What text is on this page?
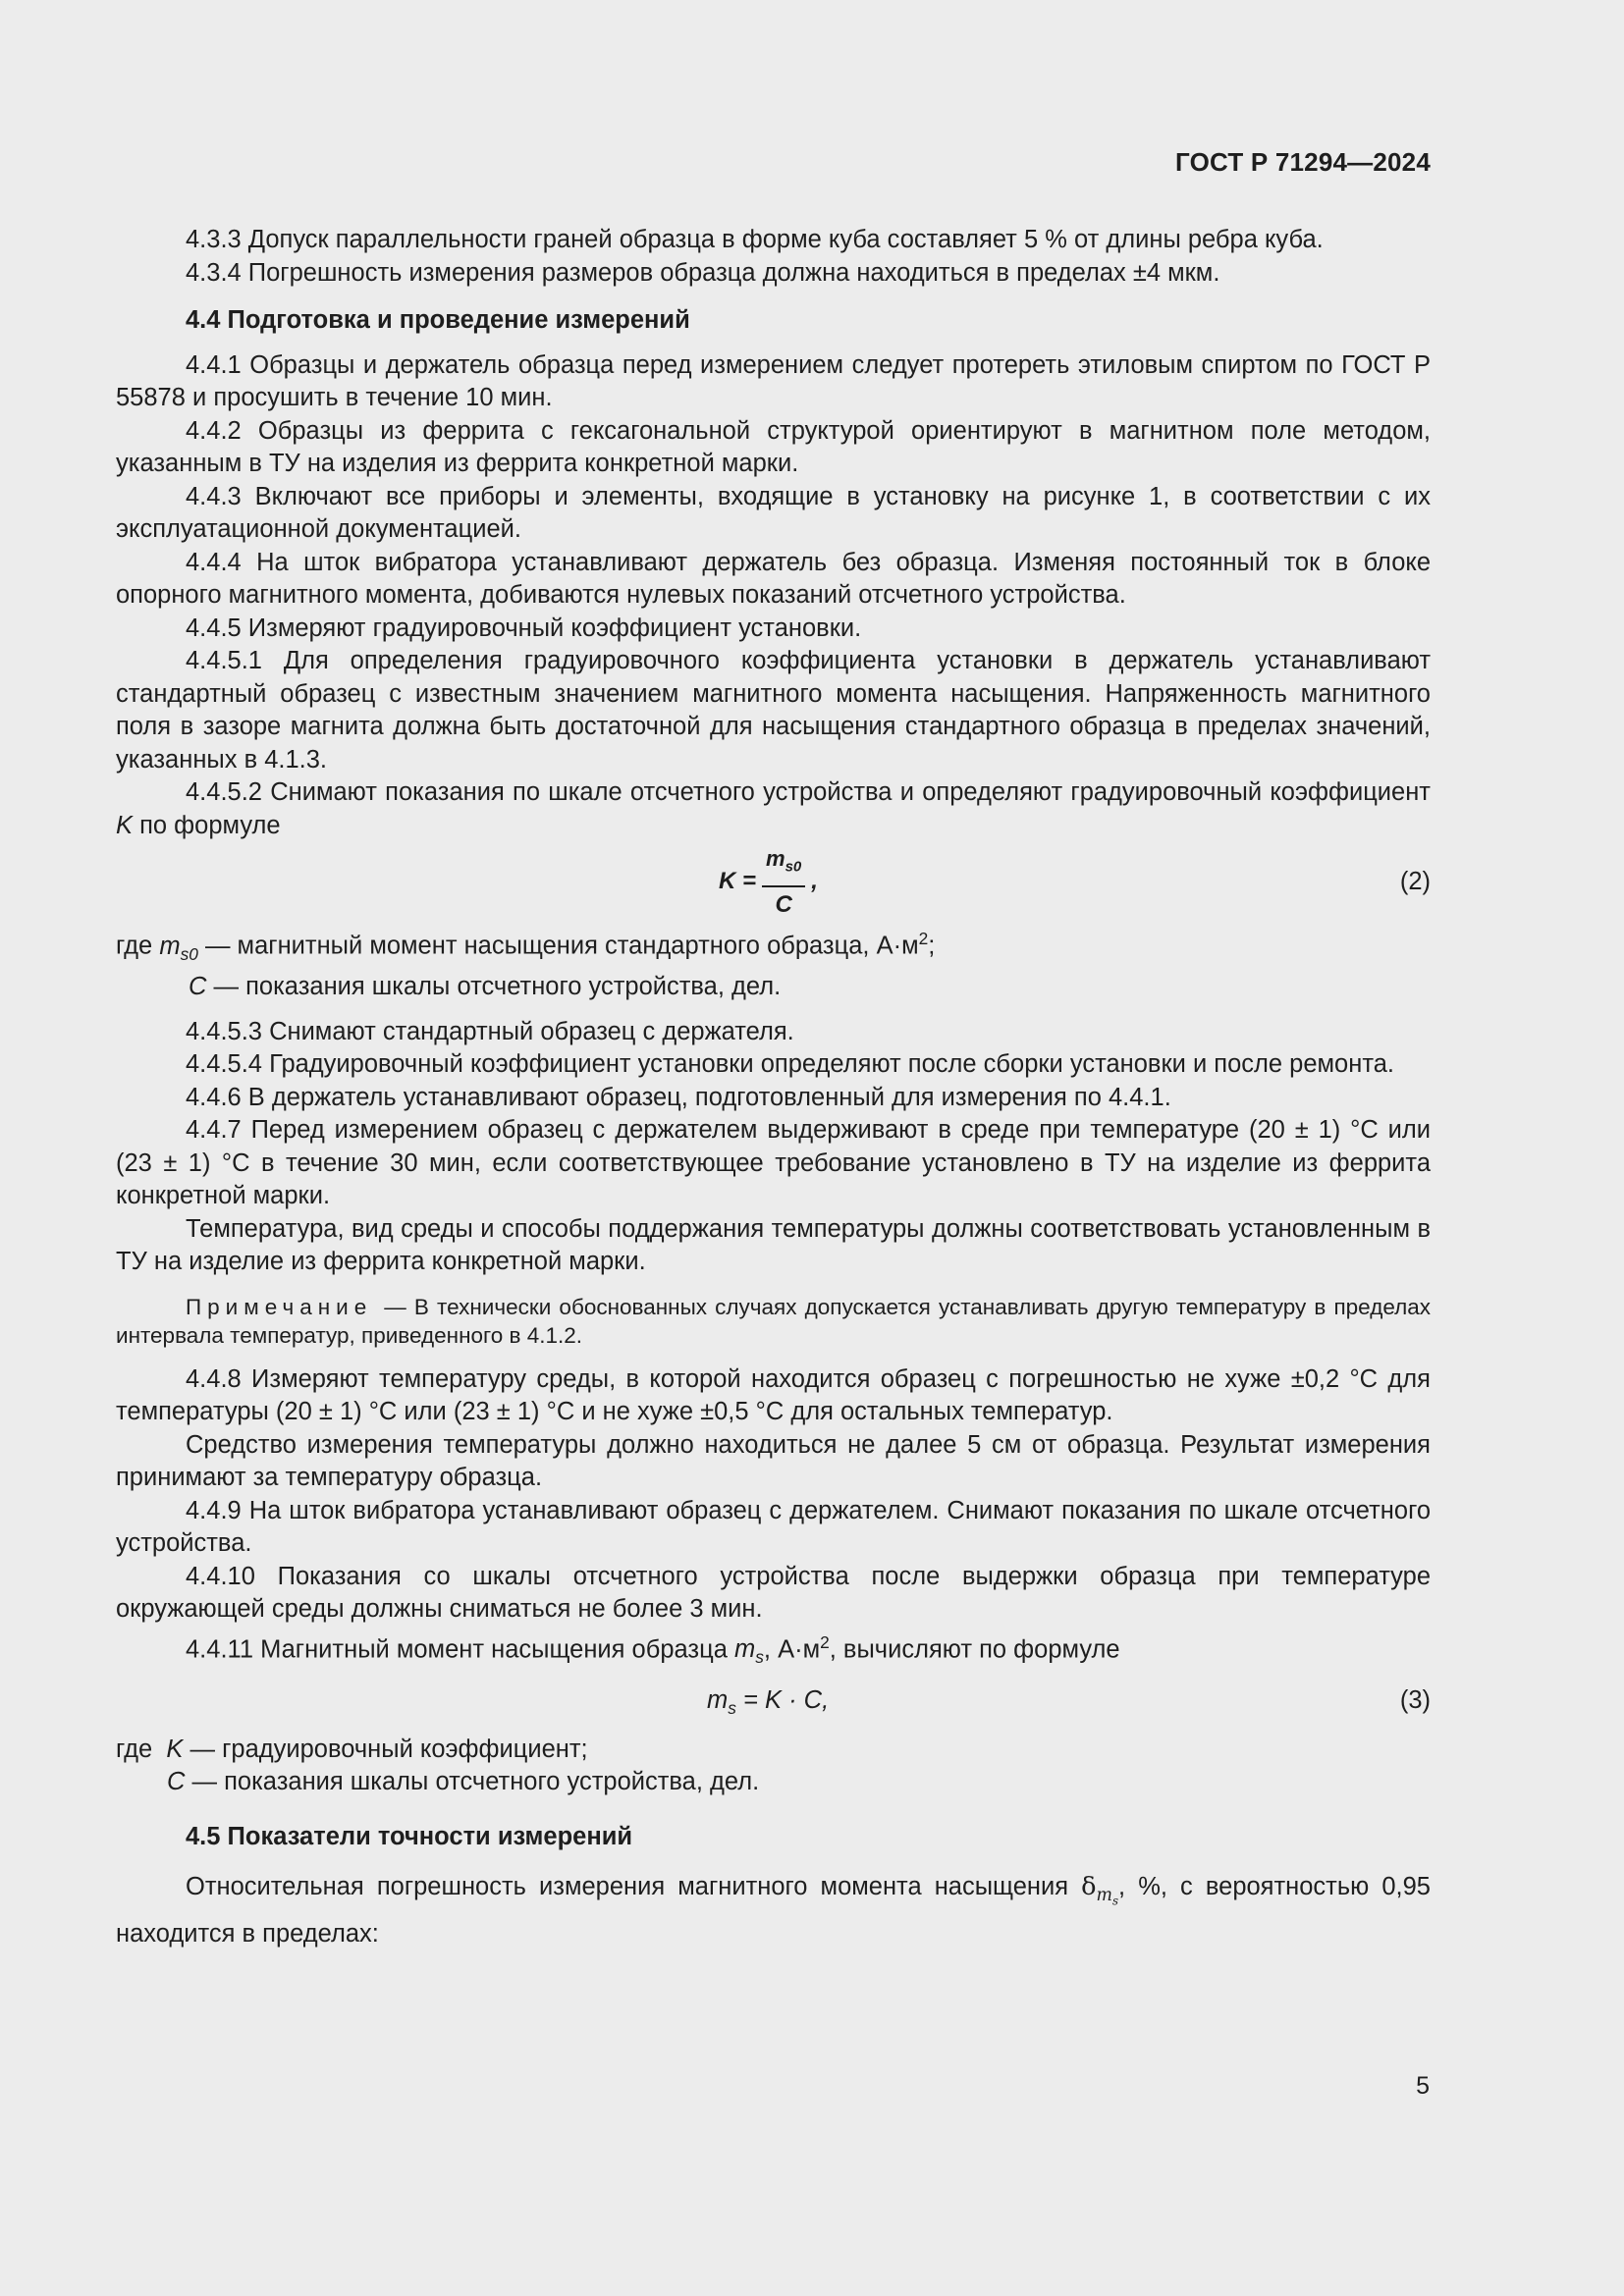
ГОСТ Р 71294—2024

4.3.3 Допуск параллельности граней образца в форме куба составляет 5 % от длины ребра куба.

4.3.4 Погрешность измерения размеров образца должна находиться в пределах ±4 мкм.

4.4 Подготовка и проведение измерений

4.4.1 Образцы и держатель образца перед измерением следует протереть этиловым спиртом по ГОСТ Р 55878 и просушить в течение 10 мин.

4.4.2 Образцы из феррита с гексагональной структурой ориентируют в магнитном поле методом, указанным в ТУ на изделия из феррита конкретной марки.

4.4.3 Включают все приборы и элементы, входящие в установку на рисунке 1, в соответствии с их эксплуатационной документацией.

4.4.4 На шток вибратора устанавливают держатель без образца. Изменяя постоянный ток в блоке опорного магнитного момента, добиваются нулевых показаний отсчетного устройства.

4.4.5 Измеряют градуировочный коэффициент установки.

4.4.5.1 Для определения градуировочного коэффициента установки в держатель устанавливают стандартный образец с известным значением магнитного момента насыщения. Напряженность магнитного поля в зазоре магнита должна быть достаточной для насыщения стандартного образца в пределах значений, указанных в 4.1.3.

4.4.5.2 Снимают показания по шкале отсчетного устройства и определяют градуировочный коэффициент K по формуле

$K = \frac{m_{s0}}{C}$ ,	(2)

где $m_{s0}$ — магнитный момент насыщения стандартного образца, $А\cdot м^2$;

С — показания шкалы отсчетного устройства, дел.

4.4.5.3 Снимают стандартный образец с держателя.

4.4.5.4 Градуировочный коэффициент установки определяют после сборки установки и после ремонта.

4.4.6 В держатель устанавливают образец, подготовленный для измерения по 4.4.1.

4.4.7 Перед измерением образец с держателем выдерживают в среде при температуре (20 ± 1) °С или (23 ± 1) °С в течение 30 мин, если соответствующее требование установлено в ТУ на изделие из феррита конкретной марки.

Температура, вид среды и способы поддержания температуры должны соответствовать установленным в ТУ на изделие из феррита конкретной марки.

Примечание — В технически обоснованных случаях допускается устанавливать другую температуру в пределах интервала температур, приведенного в 4.1.2.

4.4.8 Измеряют температуру среды, в которой находится образец с погрешностью не хуже ±0,2 °С для температуры (20 ± 1) °С или (23 ± 1) °С и не хуже ±0,5 °С для остальных температур.

Средство измерения температуры должно находиться не далее 5 см от образца. Результат измерения принимают за температуру образца.

4.4.9 На шток вибратора устанавливают образец с держателем. Снимают показания по шкале отсчетного устройства.

4.4.10 Показания со шкалы отсчетного устройства после выдержки образца при температуре окружающей среды должны сниматься не более 3 мин.

4.4.11 Магнитный момент насыщения образца $m_s$, $А\cdot м^2$, вычисляют по формуле

$m_s = K \cdot C$,	(3)

где K — градуировочный коэффициент;

С — показания шкалы отсчетного устройства, дел.

4.5 Показатели точности измерений

Относительная погрешность измерения магнитного момента насыщения $\delta_{m_s}$, %, с вероятностью 0,95 находится в пределах:

5
